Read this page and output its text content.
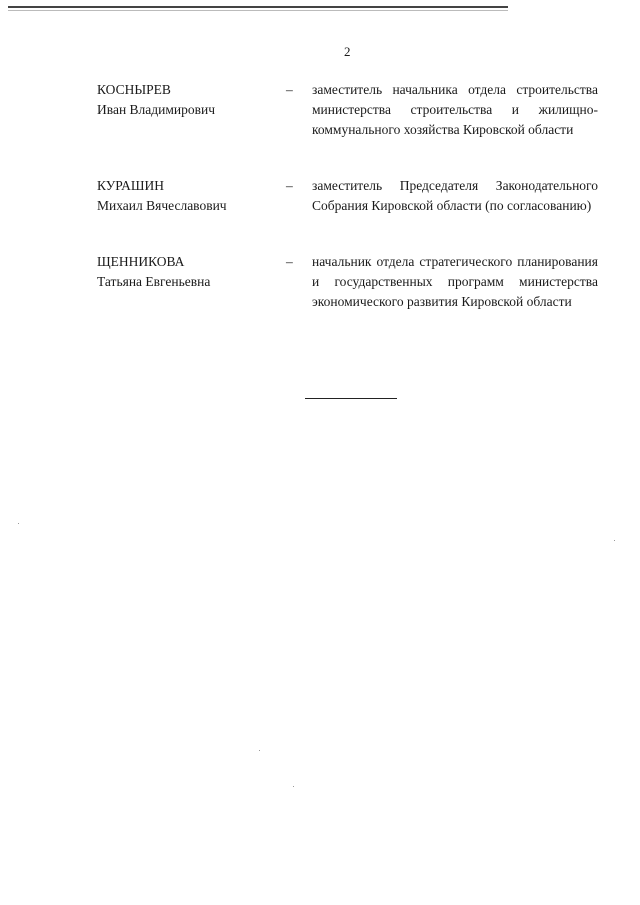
2
КОСНЫРЕВ
Иван Владимирович
– заместитель начальника отдела строительства министерства строительства и жилищно-коммунального хозяйства Кировской области
КУРАШИН
Михаил Вячеславович
– заместитель Председателя Законодательного Собрания Кировской области (по согласованию)
ЩЕННИКОВА
Татьяна Евгеньевна
– начальник отдела стратегического планирования и государственных программ министерства экономического развития Кировской области
